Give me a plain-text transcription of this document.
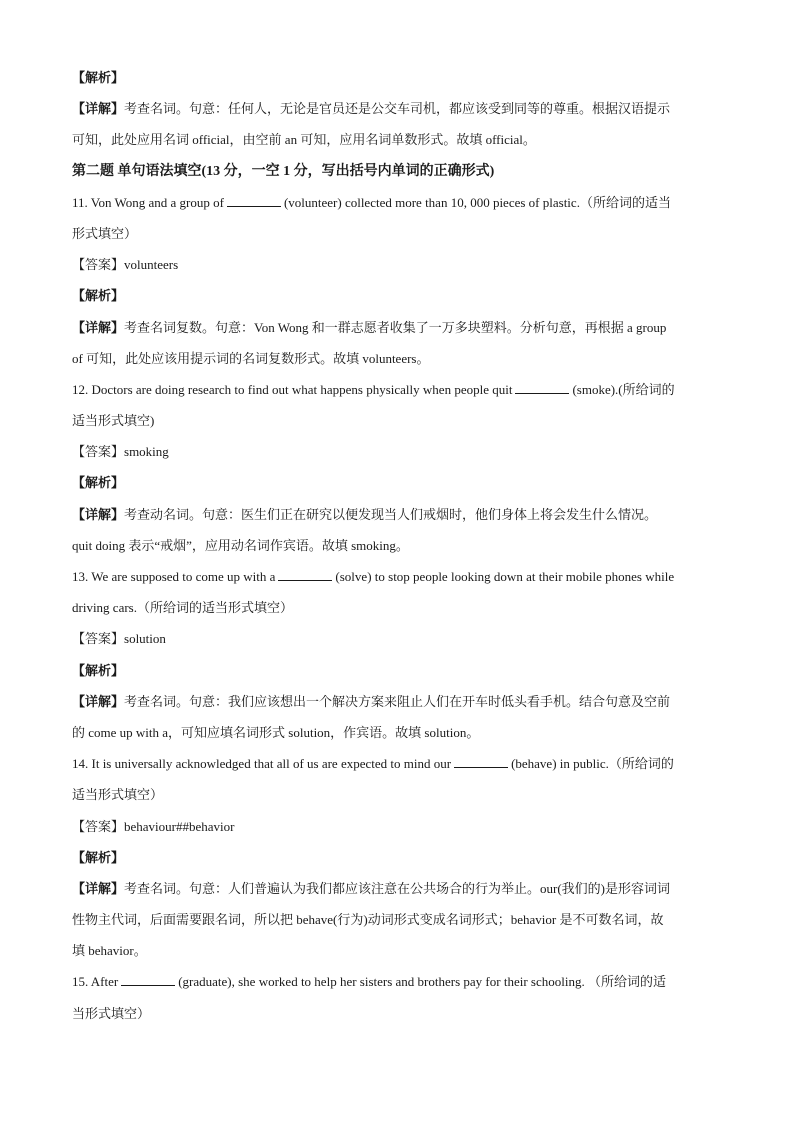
【解析】
【详解】考查名词。句意：任何人，无论是官员还是公交车司机，都应该受到同等的尊重。根据汉语提示
可知，此处应用名词 official，由空前 an 可知，应用名词单数形式。故填 official。
第二题 单句语法填空(13 分，一空 1 分，写出括号内单词的正确形式)
11. Von Wong and a group of	(volunteer) collected more than 10, 000 pieces of plastic.（所给词的适当
形式填空）
【答案】volunteers
【解析】
【详解】考查名词复数。句意：Von Wong 和一群志愿者收集了一万多块塑料。分析句意，再根据 a group
of 可知，此处应该用提示词的名词复数形式。故填 volunteers。
12. Doctors are doing research to find out what happens physically when people quit	(smoke).(所给词的
适当形式填空)
【答案】smoking
【解析】
【详解】考查动名词。句意：医生们正在研究以便发现当人们戒烟时，他们身体上将会发生什么情况。
quit doing 表示“戒烟”，应用动名词作宾语。故填 smoking。
13. We are supposed to come up with a	(solve) to stop people looking down at their mobile phones while
driving cars.（所给词的适当形式填空）
【答案】solution
【解析】
【详解】考查名词。句意：我们应该想出一个解决方案来阻止人们在开车时低头看手机。结合句意及空前
的 come up with a，可知应填名词形式 solution，作宾语。故填 solution。
14. It is universally acknowledged that all of us are expected to mind our	(behave) in public.（所给词的
适当形式填空）
【答案】behaviour##behavior
【解析】
【详解】考查名词。句意：人们普遍认为我们都应该注意在公共场合的行为举止。our(我们的)是形容词词
性物主代词，后面需要跟名词，所以把 behave(行为)动词形式变成名词形式；behavior 是不可数名词，故
填 behavior。
15. After	(graduate), she worked to help her sisters and brothers pay for their schooling. （所给词的适
当形式填空）
